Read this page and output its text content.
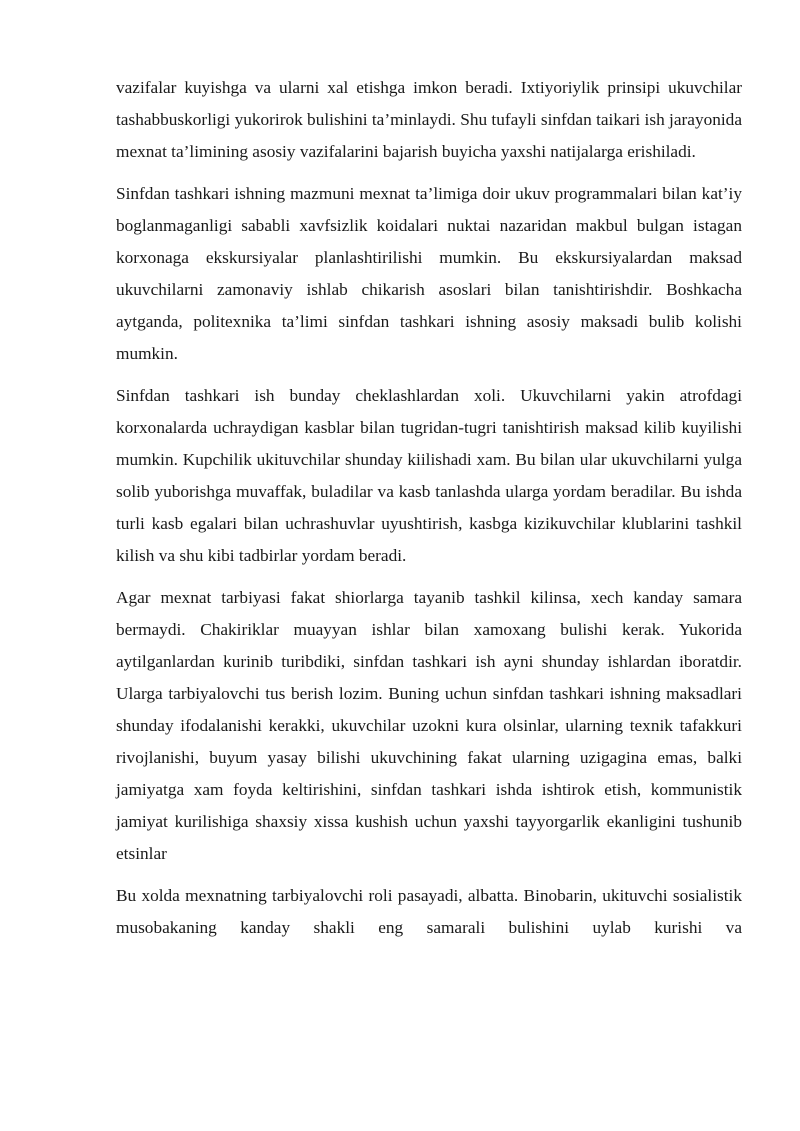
vazifalar kuyishga va ularni xal etishga imkon beradi. Ixtiyoriylik prinsipi ukuvchilar tashabbuskorligi yukorirok bulishini ta’minlaydi. Shu tufayli sinfdan taikari ish jarayonida mexnat ta’limining asosiy vazifalarini bajarish buyicha yaxshi natijalarga erishiladi.

Sinfdan tashkari ishning mazmuni mexnat ta’limiga doir ukuv programmalari bilan kat’iy boglanmaganligi sababli xavfsizlik koidalari nuktai nazaridan makbul bulgan istagan korxonaga ekskursiyalar planlashtirilishi mumkin. Bu ekskursiyalardan maksad ukuvchilarni zamonaviy ishlab chikarish asoslari bilan tanishtirishdir. Boshkacha aytganda, politexnika ta’limi sinfdan tashkari ishning asosiy maksadi bulib kolishi mumkin.

Sinfdan tashkari ish bunday cheklashlardan xoli. Ukuvchilarni yakin atrofdagi korxonalarda uchraydigan kasblar bilan tugridan-tugri tanishtirish maksad kilib kuyilishi mumkin. Kupchilik ukituvchilar shunday kiilishadi xam. Bu bilan ular ukuvchilarni yulga solib yuborishga muvaffak, buladilar va kasb tanlashda ularga yordam beradilar. Bu ishda turli kasb egalari bilan uchrashuvlar uyushtirish, kasbga kizikuvchilar klublarini tashkil kilish va shu kibi tadbirlar yordam beradi.

Agar mexnat tarbiyasi fakat shiorlarga tayanib tashkil kilinsa, xech kanday samara bermaydi. Chakiriklar muayyan ishlar bilan xamoxang bulishi kerak. Yukorida aytilganlardan kurinib turibdiki, sinfdan tashkari ish ayni shunday ishlardan iboratdir. Ularga tarbiyalovchi tus berish lozim. Buning uchun sinfdan tashkari ishning maksadlari shunday ifodalanishi kerakki, ukuvchilar uzokni kura olsinlar, ularning texnik tafakkuri rivojlanishi, buyum yasay bilishi ukuvchining fakat ularning uzigagina emas, balki jamiyatga xam foyda keltirishini, sinfdan tashkari ishda ishtirok etish, kommunistik jamiyat kurilishiga shaxsiy xissa kushish uchun yaxshi tayyorgarlik ekanligini tushunib etsinlar

Bu xolda mexnatning tarbiyalovchi roli pasayadi, albatta. Binobarin, ukituvchi sosialistik musobakaning kanday shakli eng samarali bulishini uylab kurishi va
